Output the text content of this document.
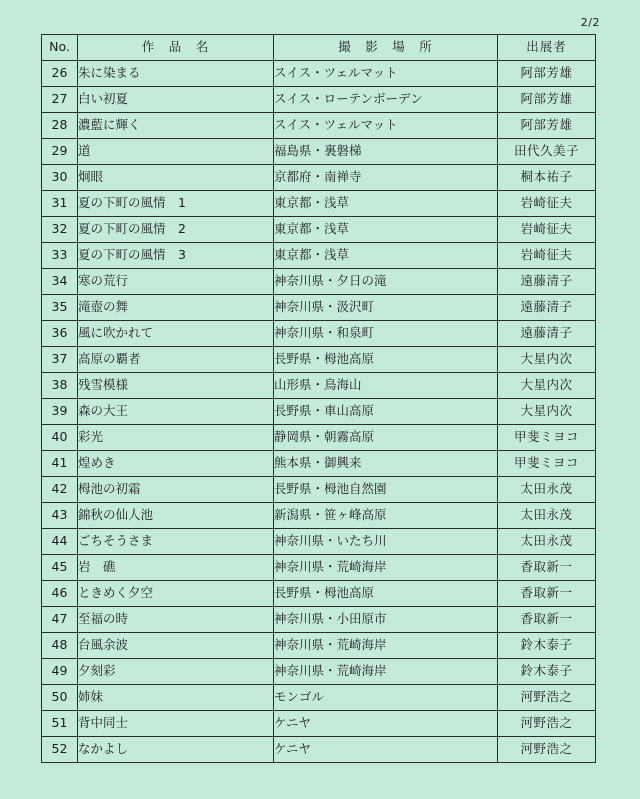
2/2
No.	作　品　名	撮　影　場　所	出展者
26	朱に染まる	スイス・ツェルマット	阿部芳雄
27	白い初夏	スイス・ローテンボーデン	阿部芳雄
28	濃藍に輝く	スイス・ツェルマット	阿部芳雄
29	道	福島県・裏磐梯	田代久美子
30	炯眼	京都府・南禅寺	桐本祐子
31	夏の下町の風情　1	東京都・浅草	岩崎征夫
32	夏の下町の風情　2	東京都・浅草	岩崎征夫
33	夏の下町の風情　3	東京都・浅草	岩崎征夫
34	寒の荒行	神奈川県・夕日の滝	遠藤清子
35	滝壺の舞	神奈川県・汲沢町	遠藤清子
36	風に吹かれて	神奈川県・和泉町	遠藤清子
37	高原の覇者	長野県・栂池高原	大星内次
38	残雪模様	山形県・鳥海山	大星内次
39	森の大王	長野県・車山高原	大星内次
40	彩光	静岡県・朝霧高原	甲斐ミヨコ
41	煌めき	熊本県・御興来	甲斐ミヨコ
42	栂池の初霜	長野県・栂池自然園	太田永茂
43	錦秋の仙人池	新潟県・笹ヶ峰高原	太田永茂
44	ごちそうさま	神奈川県・いたち川	太田永茂
45	岩　礁	神奈川県・荒崎海岸	香取新一
46	ときめく夕空	長野県・栂池高原	香取新一
47	至福の時	神奈川県・小田原市	香取新一
48	台風余波	神奈川県・荒崎海岸	鈴木泰子
49	夕刻彩	神奈川県・荒崎海岸	鈴木泰子
50	姉妹	モンゴル	河野浩之
51	背中同士	ケニヤ	河野浩之
52	なかよし	ケニヤ	河野浩之
